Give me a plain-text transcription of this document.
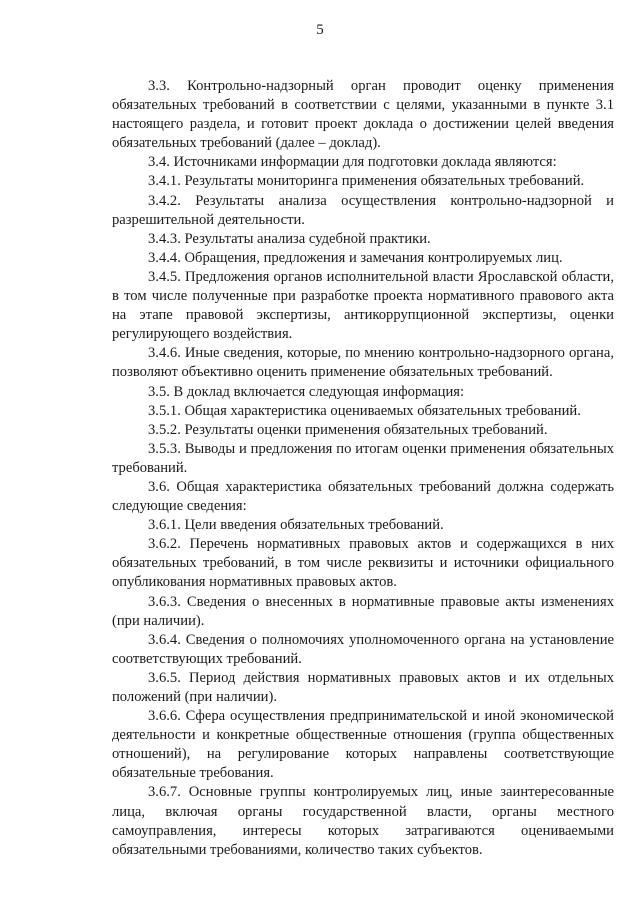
5

3.3. Контрольно-надзорный орган проводит оценку применения обязательных требований в соответствии с целями, указанными в пункте 3.1 настоящего раздела, и готовит проект доклада о достижении целей введения обязательных требований (далее – доклад).

3.4. Источниками информации для подготовки доклада являются:

3.4.1. Результаты мониторинга применения обязательных требований.

3.4.2. Результаты анализа осуществления контрольно-надзорной и разрешительной деятельности.

3.4.3. Результаты анализа судебной практики.

3.4.4. Обращения, предложения и замечания контролируемых лиц.

3.4.5. Предложения органов исполнительной власти Ярославской области, в том числе полученные при разработке проекта нормативного правового акта на этапе правовой экспертизы, антикоррупционной экспертизы, оценки регулирующего воздействия.

3.4.6. Иные сведения, которые, по мнению контрольно-надзорного органа, позволяют объективно оценить применение обязательных требований.

3.5. В доклад включается следующая информация:

3.5.1. Общая характеристика оцениваемых обязательных требований.

3.5.2. Результаты оценки применения обязательных требований.

3.5.3. Выводы и предложения по итогам оценки применения обязательных требований.

3.6. Общая характеристика обязательных требований должна содержать следующие сведения:

3.6.1. Цели введения обязательных требований.

3.6.2. Перечень нормативных правовых актов и содержащихся в них обязательных требований, в том числе реквизиты и источники официального опубликования нормативных правовых актов.

3.6.3. Сведения о внесенных в нормативные правовые акты изменениях (при наличии).

3.6.4. Сведения о полномочиях уполномоченного органа на установление соответствующих требований.

3.6.5. Период действия нормативных правовых актов и их отдельных положений (при наличии).

3.6.6. Сфера осуществления предпринимательской и иной экономической деятельности и конкретные общественные отношения (группа общественных отношений), на регулирование которых направлены соответствующие обязательные требования.

3.6.7. Основные группы контролируемых лиц, иные заинтересованные лица, включая органы государственной власти, органы местного самоуправления, интересы которых затрагиваются оцениваемыми обязательными требованиями, количество таких субъектов.
